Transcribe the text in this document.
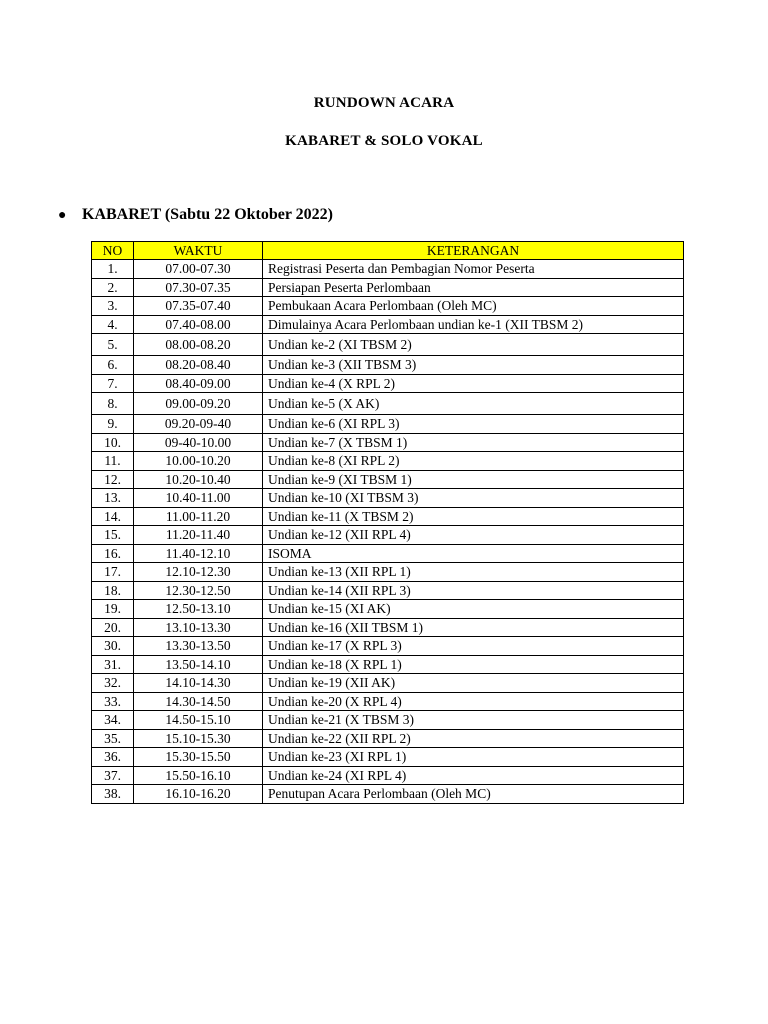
RUNDOWN ACARA
KABARET & SOLO VOKAL
● KABARET (Sabtu 22 Oktober 2022)
NO	WAKTU	KETERANGAN
1.	07.00-07.30	Registrasi Peserta dan Pembagian Nomor Peserta
2.	07.30-07.35	Persiapan Peserta Perlombaan
3.	07.35-07.40	Pembukaan Acara Perlombaan (Oleh MC)
4.	07.40-08.00	Dimulainya Acara Perlombaan undian ke-1 (XII TBSM 2)
5.	08.00-08.20	Undian ke-2 (XI TBSM 2)
6.	08.20-08.40	Undian ke-3 (XII TBSM 3)
7.	08.40-09.00	Undian ke-4 (X RPL 2)
8.	09.00-09.20	Undian ke-5 (X AK)
9.	09.20-09-40	Undian ke-6 (XI RPL 3)
10.	09-40-10.00	Undian ke-7 (X TBSM 1)
11.	10.00-10.20	Undian ke-8 (XI RPL 2)
12.	10.20-10.40	Undian ke-9 (XI TBSM 1)
13.	10.40-11.00	Undian ke-10 (XI TBSM 3)
14.	11.00-11.20	Undian ke-11 (X TBSM 2)
15.	11.20-11.40	Undian ke-12 (XII RPL 4)
16.	11.40-12.10	ISOMA
17.	12.10-12.30	Undian ke-13 (XII RPL 1)
18.	12.30-12.50	Undian ke-14 (XII RPL 3)
19.	12.50-13.10	Undian ke-15 (XI AK)
20.	13.10-13.30	Undian ke-16 (XII TBSM 1)
30.	13.30-13.50	Undian ke-17 (X RPL 3)
31.	13.50-14.10	Undian ke-18 (X RPL 1)
32.	14.10-14.30	Undian ke-19 (XII AK)
33.	14.30-14.50	Undian ke-20 (X RPL 4)
34.	14.50-15.10	Undian ke-21 (X TBSM 3)
35.	15.10-15.30	Undian ke-22 (XII RPL 2)
36.	15.30-15.50	Undian ke-23 (XI RPL 1)
37.	15.50-16.10	Undian ke-24 (XI RPL 4)
38.	16.10-16.20	Penutupan Acara Perlombaan (Oleh MC)
